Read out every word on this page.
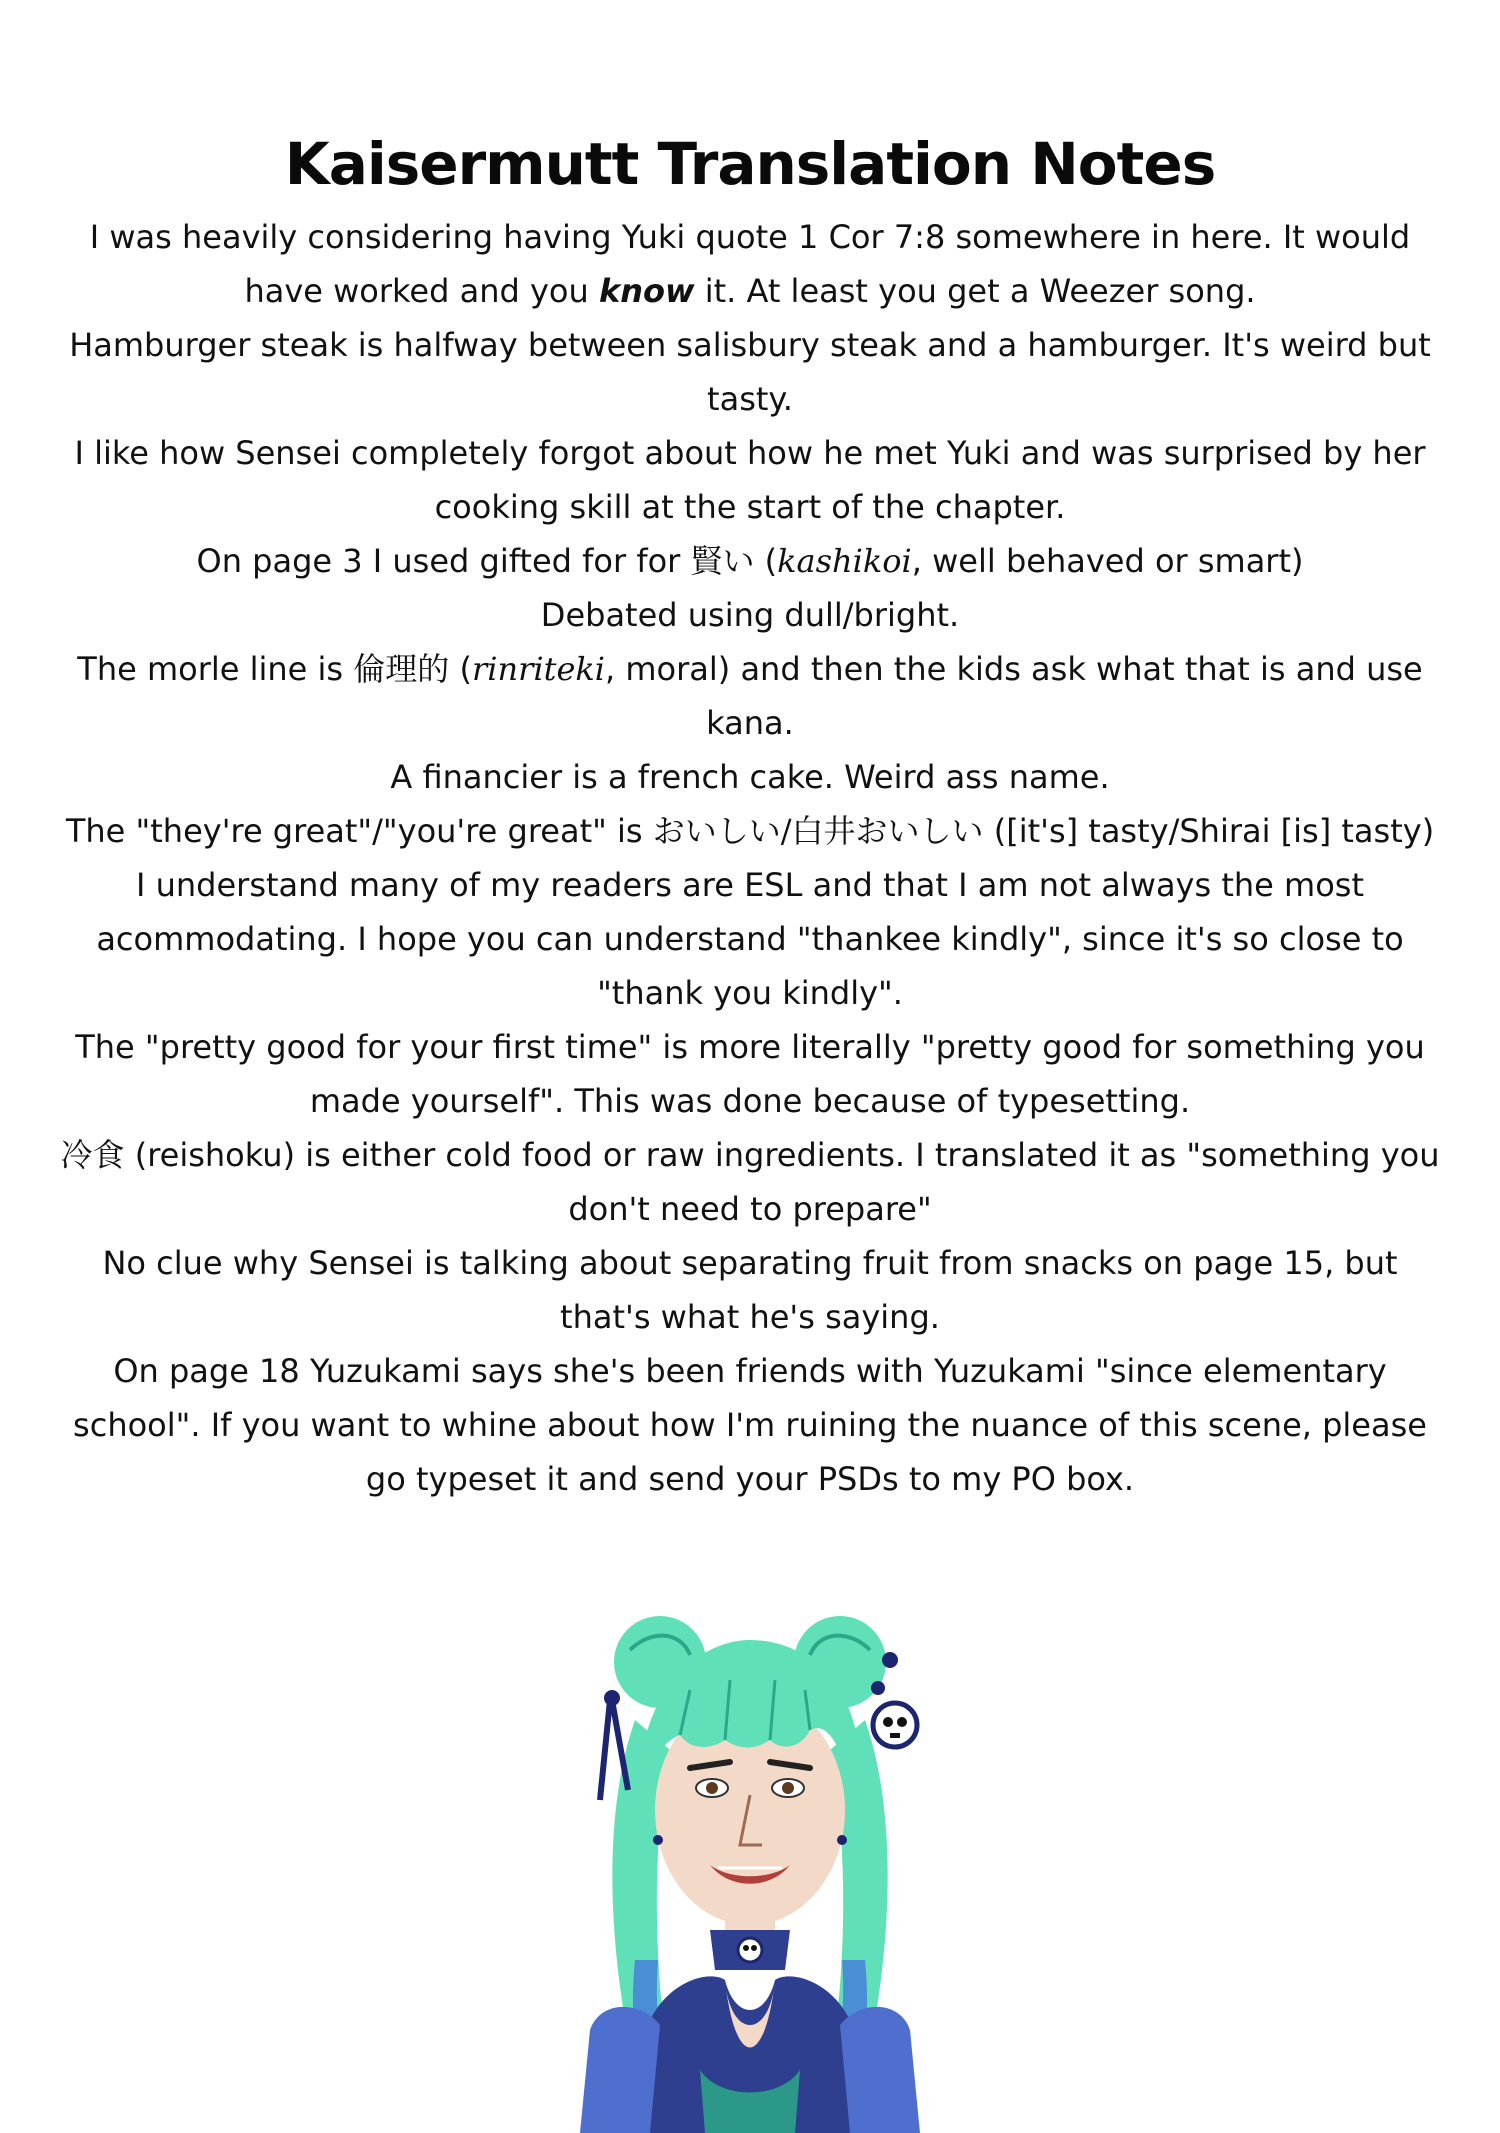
Kaisermutt Translation Notes

I was heavily considering having Yuki quote 1 Cor 7:8 somewhere in here. It would have worked and you know it. At least you get a Weezer song.

Hamburger steak is halfway between salisbury steak and a hamburger. It's weird but tasty.

I like how Sensei completely forgot about how he met Yuki and was surprised by her cooking skill at the start of the chapter.

On page 3 I used gifted for for 賢い (kashikoi, well behaved or smart)

Debated using dull/bright.

The morle line is 倫理的 (rinriteki, moral) and then the kids ask what that is and use kana.

A financier is a french cake. Weird ass name.

The "they're great"/"you're great" is おいしい/白井おいしい ([it's] tasty/Shirai [is] tasty)

I understand many of my readers are ESL and that I am not always the most acommodating. I hope you can understand "thankee kindly", since it's so close to "thank you kindly".

The "pretty good for your first time" is more literally "pretty good for something you made yourself". This was done because of typesetting.

冷食 (reishoku) is either cold food or raw ingredients. I translated it as "something you don't need to prepare"

No clue why Sensei is talking about separating fruit from snacks on page 15, but that's what he's saying.

On page 18 Yuzukami says she's been friends with Yuzukami "since elementary school". If you want to whine about how I'm ruining the nuance of this scene, please go typeset it and send your PSDs to my PO box.
